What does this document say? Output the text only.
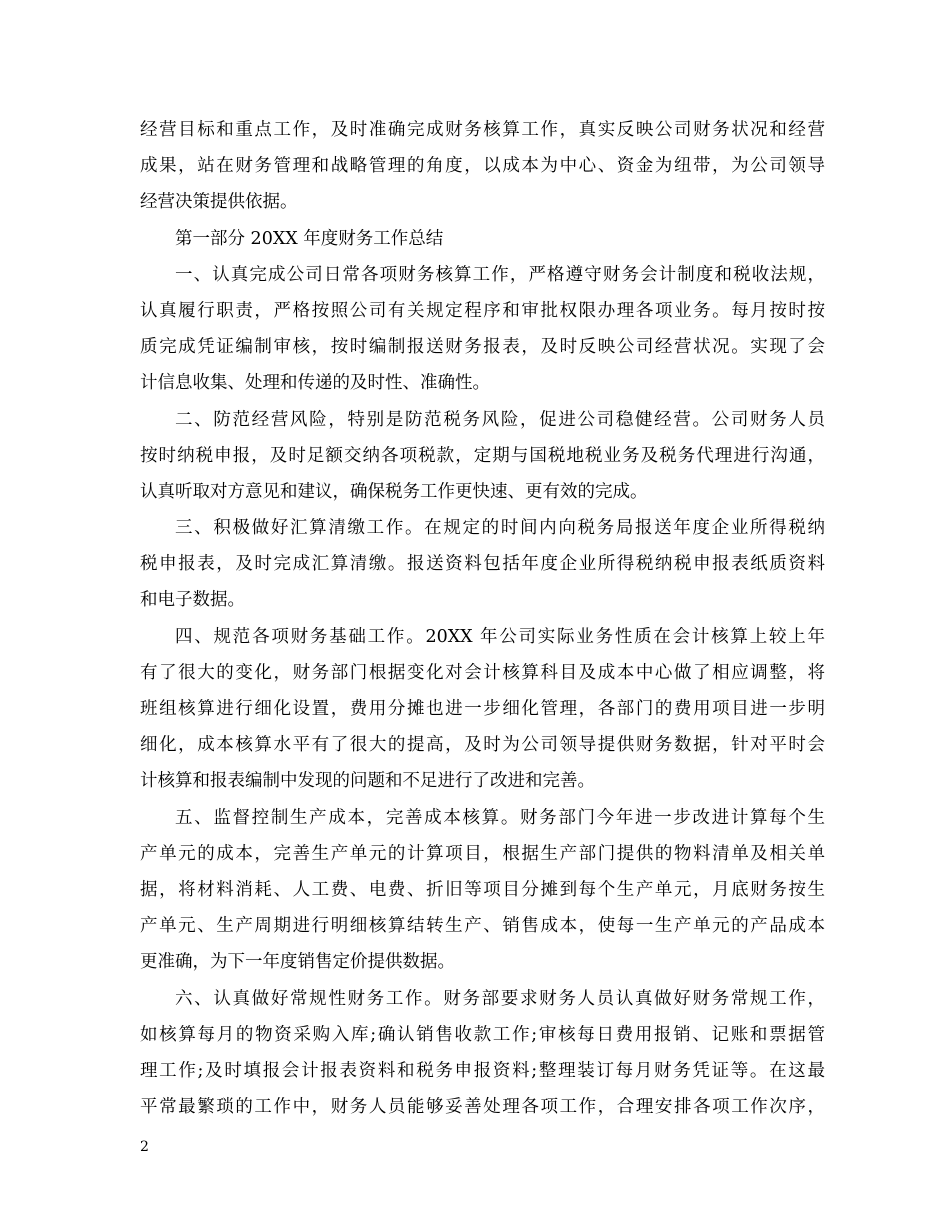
经营目标和重点工作，及时准确完成财务核算工作，真实反映公司财务状况和经营
成果，站在财务管理和战略管理的角度，以成本为中心、资金为纽带，为公司领导
经营决策提供依据。
第一部分 20XX 年度财务工作总结
一、认真完成公司日常各项财务核算工作，严格遵守财务会计制度和税收法规，
认真履行职责，严格按照公司有关规定程序和审批权限办理各项业务。每月按时按
质完成凭证编制审核，按时编制报送财务报表，及时反映公司经营状况。实现了会
计信息收集、处理和传递的及时性、准确性。
二、防范经营风险，特别是防范税务风险，促进公司稳健经营。公司财务人员
按时纳税申报，及时足额交纳各项税款，定期与国税地税业务及税务代理进行沟通，
认真听取对方意见和建议，确保税务工作更快速、更有效的完成。
三、积极做好汇算清缴工作。在规定的时间内向税务局报送年度企业所得税纳
税申报表，及时完成汇算清缴。报送资料包括年度企业所得税纳税申报表纸质资料
和电子数据。
四、规范各项财务基础工作。20XX 年公司实际业务性质在会计核算上较上年
有了很大的变化，财务部门根据变化对会计核算科目及成本中心做了相应调整，将
班组核算进行细化设置，费用分摊也进一步细化管理，各部门的费用项目进一步明
细化，成本核算水平有了很大的提高，及时为公司领导提供财务数据，针对平时会
计核算和报表编制中发现的问题和不足进行了改进和完善。
五、监督控制生产成本，完善成本核算。财务部门今年进一步改进计算每个生
产单元的成本，完善生产单元的计算项目，根据生产部门提供的物料清单及相关单
据，将材料消耗、人工费、电费、折旧等项目分摊到每个生产单元，月底财务按生
产单元、生产周期进行明细核算结转生产、销售成本，使每一生产单元的产品成本
更准确，为下一年度销售定价提供数据。
六、认真做好常规性财务工作。财务部要求财务人员认真做好财务常规工作，
如核算每月的物资采购入库;确认销售收款工作;审核每日费用报销、记账和票据管
理工作;及时填报会计报表资料和税务申报资料;整理装订每月财务凭证等。在这最
平常最繁琐的工作中，财务人员能够妥善处理各项工作，合理安排各项工作次序，
2
